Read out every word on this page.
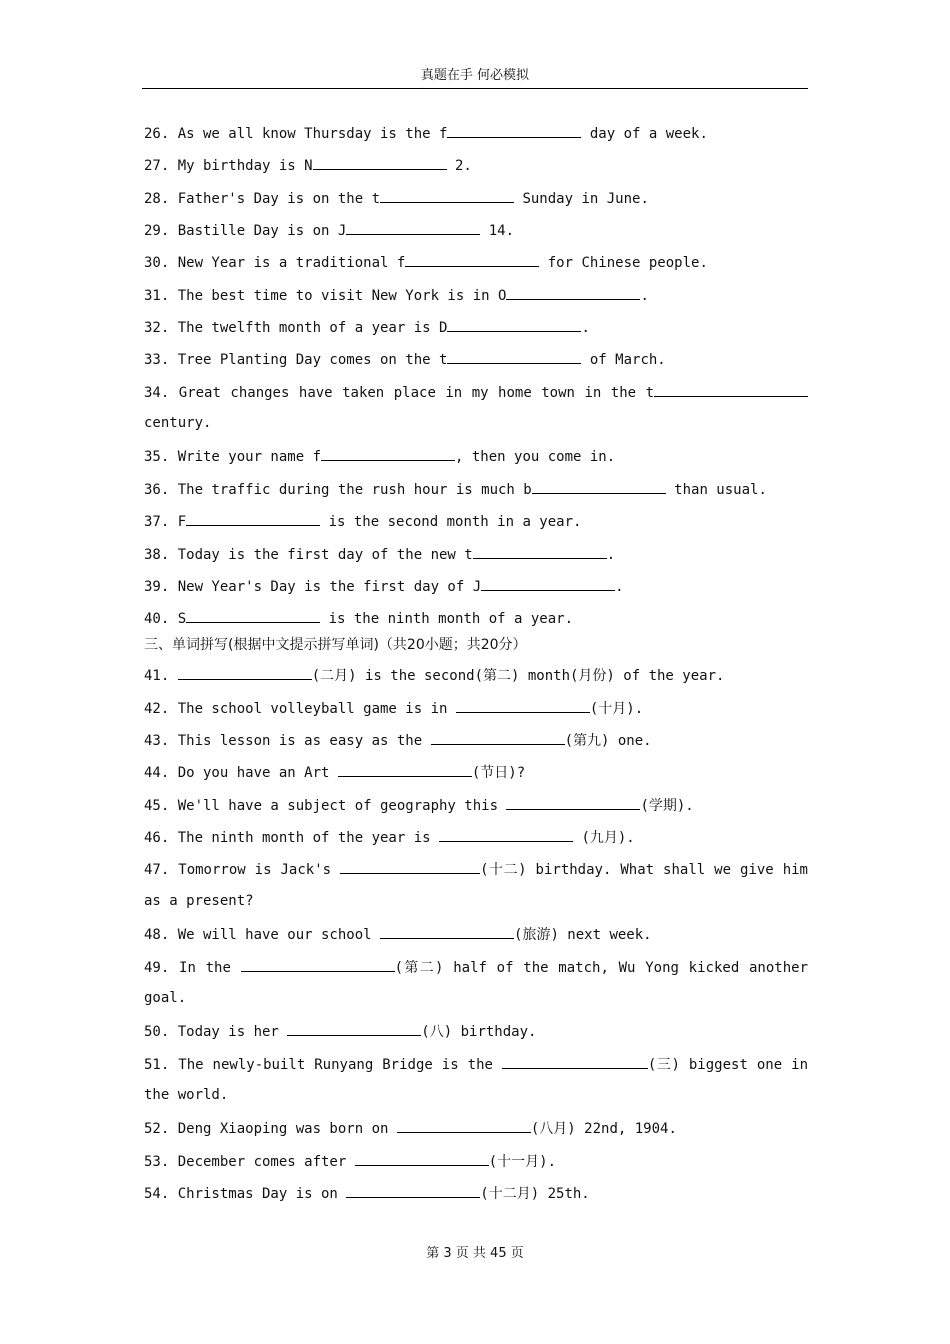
真题在手 何必模拟
26. As we all know Thursday is the f	day of a week.
27. My birthday is N	2.
28. Father's Day is on the t	Sunday in June.
29. Bastille Day is on J	14.
30. New Year is a traditional f	for Chinese people.
31. The best time to visit New York is in O	.
32. The twelfth month of a year is D	.
33. Tree Planting Day comes on the t	of March.
34. Great changes have taken place in my home town in the t
century.
35. Write your name f	, then you come in.
36. The traffic during the rush hour is much b	than usual.
37. F	is the second month in a year.
38. Today is the first day of the new t	.
39. New Year's Day is the first day of J	.
40. S	is the ninth month of a year.
三、单词拼写(根据中文提示拼写单词)（共20小题；共20分）
41.	(二月) is the second(第二) month(月份) of the year.
42. The school volleyball game is in	(十月).
43. This lesson is as easy as the	(第九) one.
44. Do you have an Art	(节日)?
45. We'll have a subject of geography this	(学期).
46. The ninth month of the year is	(九月).
47. Tomorrow is Jack's	(十二) birthday. What shall we give him
as a present?
48. We will have our school	(旅游) next week.
49. In the	(第二) half of the match, Wu Yong kicked another
goal.
50. Today is her	(八) birthday.
51. The newly-built Runyang Bridge is the	(三) biggest one in
the world.
52. Deng Xiaoping was born on	(八月) 22nd, 1904.
53. December comes after	(十一月).
54. Christmas Day is on	(十二月) 25th.
第 3 页 共 45 页
